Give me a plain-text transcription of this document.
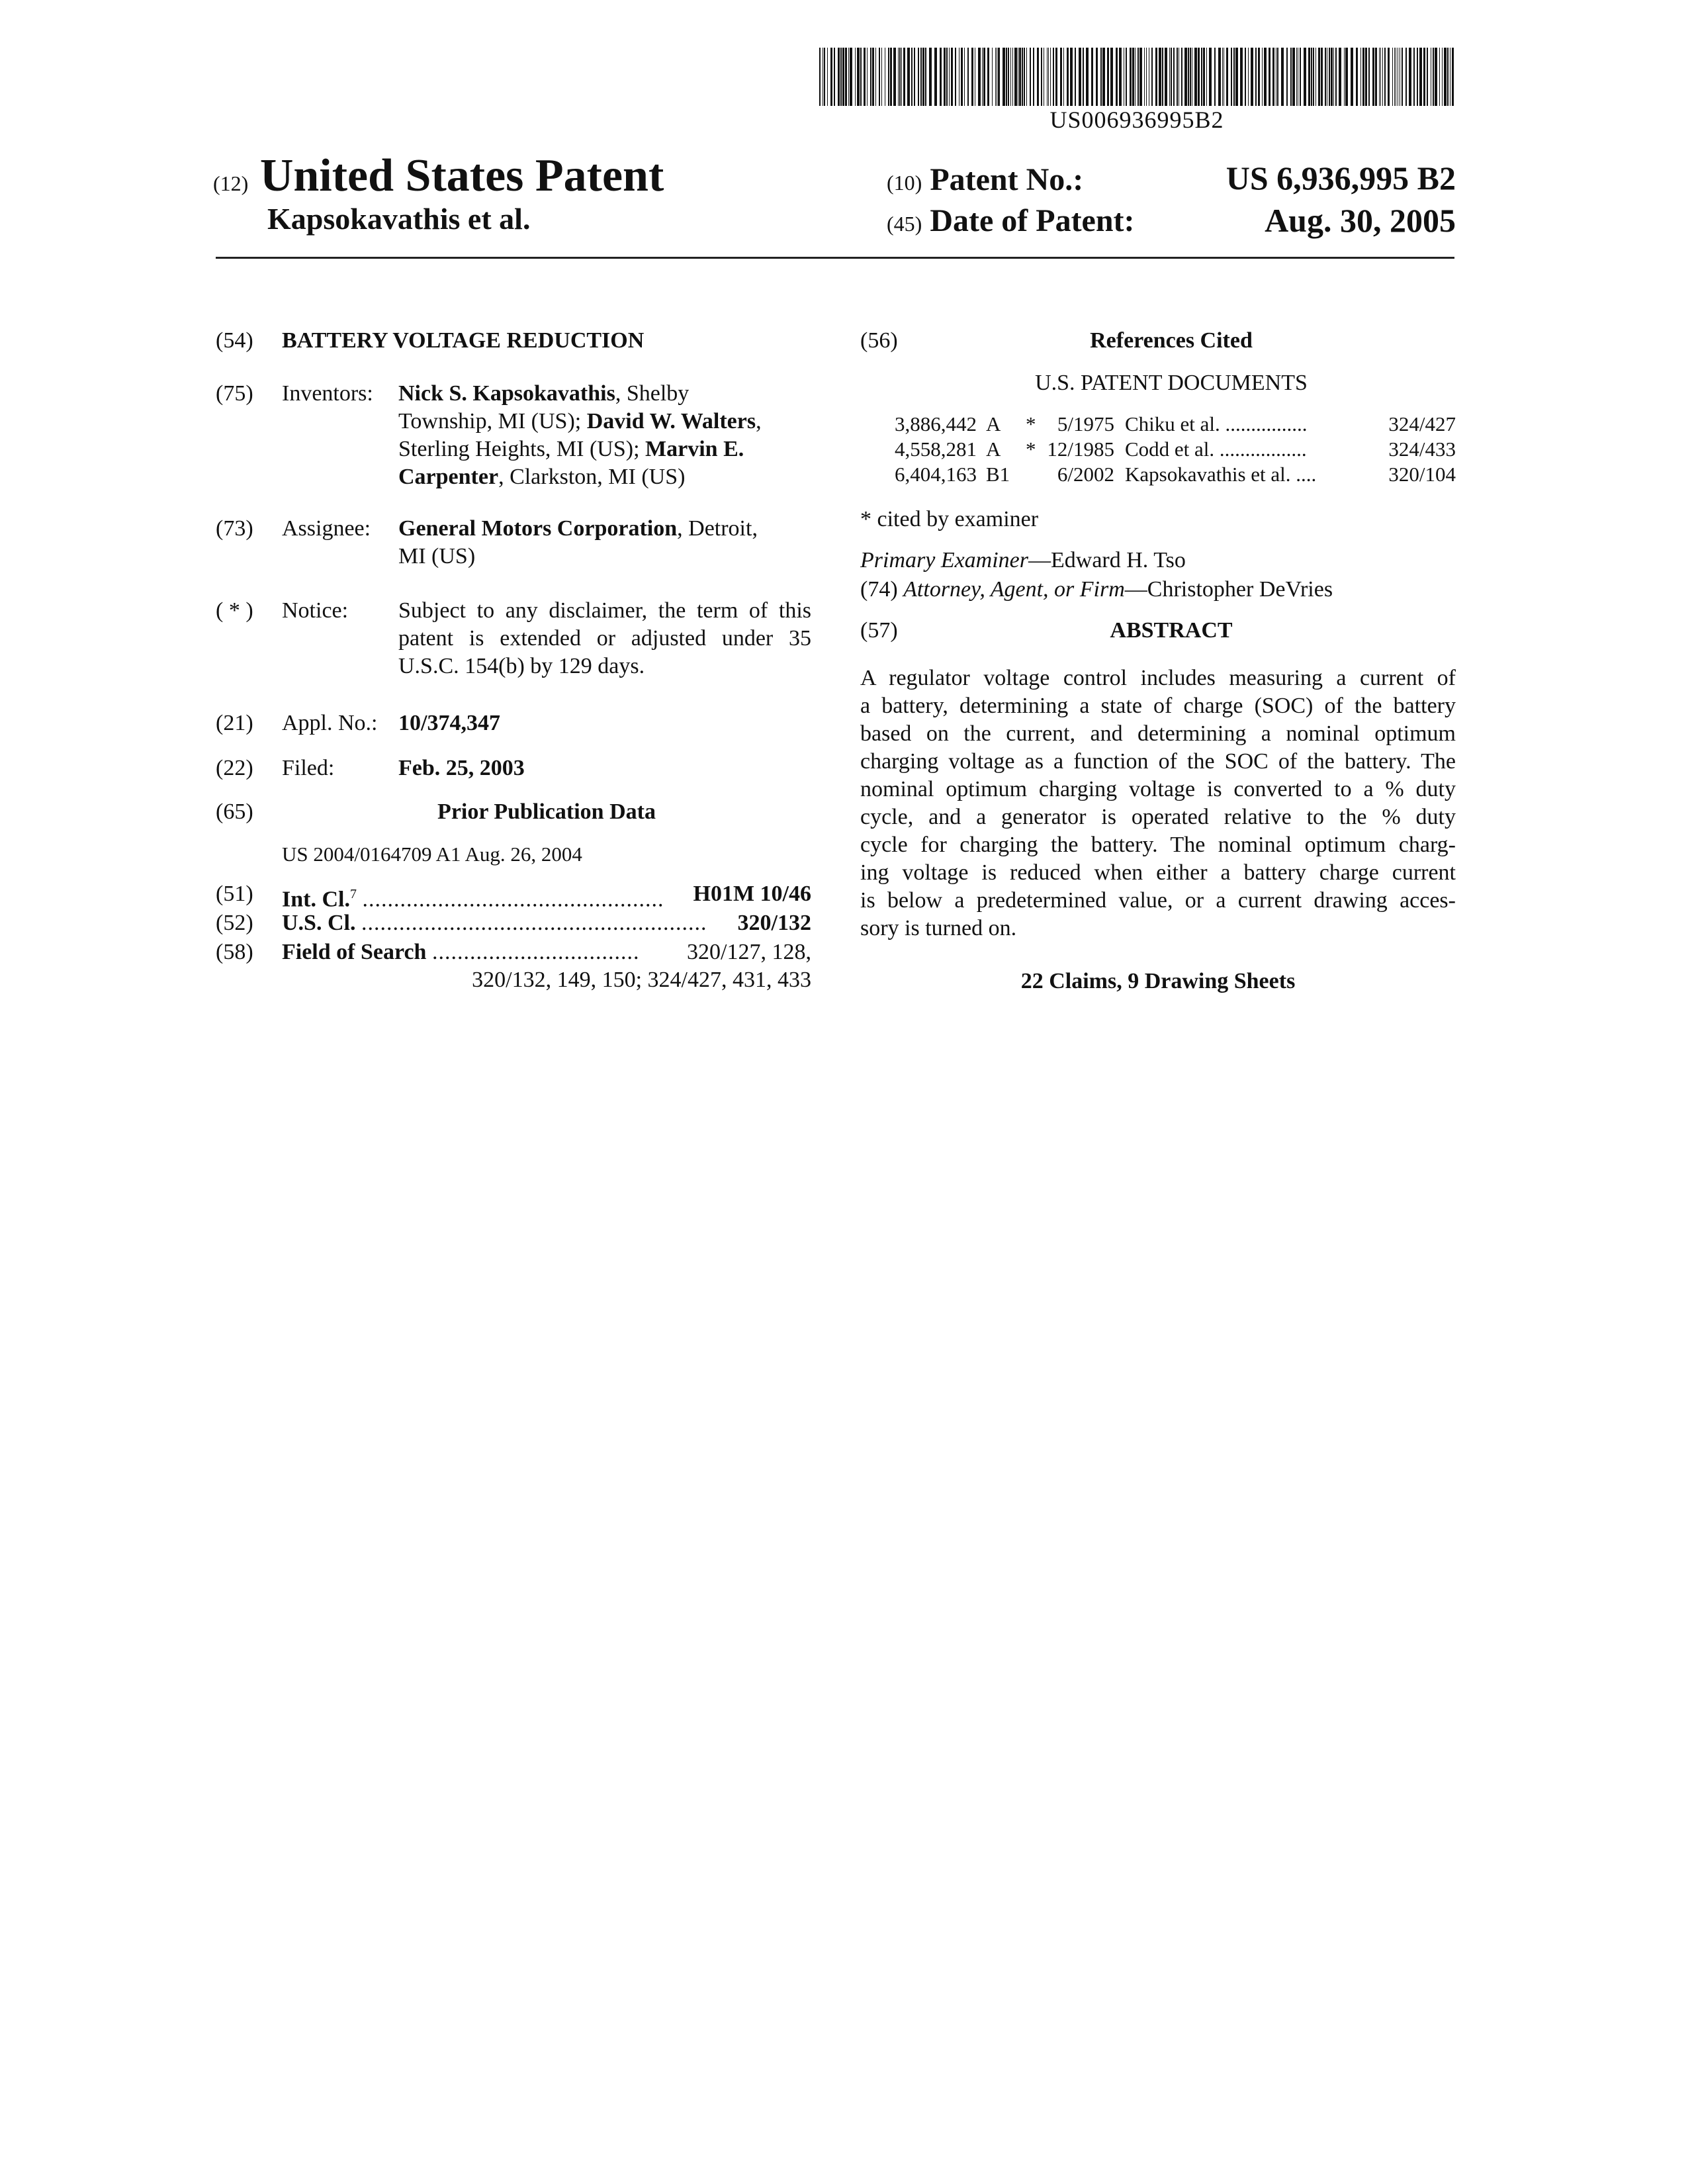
US006936995B2
(12) United States Patent
Kapsokavathis et al.
(10) Patent No.:	US 6,936,995 B2
(45) Date of Patent:	Aug. 30, 2005
(54)	BATTERY VOLTAGE REDUCTION
(75)	Inventors: Nick S. Kapsokavathis, Shelby
Township, MI (US); David W. Walters,
Sterling Heights, MI (US); Marvin E.
Carpenter, Clarkston, MI (US)
(73)	Assignee: General Motors Corporation, Detroit,
MI (US)
( * )	Notice: Subject to any disclaimer, the term of this
patent is extended or adjusted under 35
U.S.C. 154(b) by 129 days.
(21)	Appl. No.: 10/374,347
(22)	Filed:	Feb. 25, 2003
(65)	Prior Publication Data
US 2004/0164709 A1 Aug. 26, 2004
(51)	Int. Cl.$^7$ ................................................ H01M 10/46
(52)	U.S. Cl. ....................................................... 320/132
(58)	Field of Search ................................. 320/127, 128,
320/132, 149, 150; 324/427, 431, 433
(56)	References Cited
U.S. PATENT DOCUMENTS
3,886,442 A	*	5/1975 Chiku et al. ................	324/427
4,558,281 A	* 12/1985 Codd et al. .................	324/433
6,404,163 B1	6/2002 Kapsokavathis et al. ....	320/104
* cited by examiner
Primary Examiner—Edward H. Tso
(74) Attorney, Agent, or Firm—Christopher DeVries
(57)	ABSTRACT
A regulator voltage control includes measuring a current of
a battery, determining a state of charge (SOC) of the battery
based on the current, and determining a nominal optimum
charging voltage as a function of the SOC of the battery. The
nominal optimum charging voltage is converted to a % duty
cycle, and a generator is operated relative to the % duty
cycle for charging the battery. The nominal optimum charg-
ing voltage is reduced when either a battery charge current
is below a predetermined value, or a current drawing acces-
sory is turned on.
22 Claims, 9 Drawing Sheets
